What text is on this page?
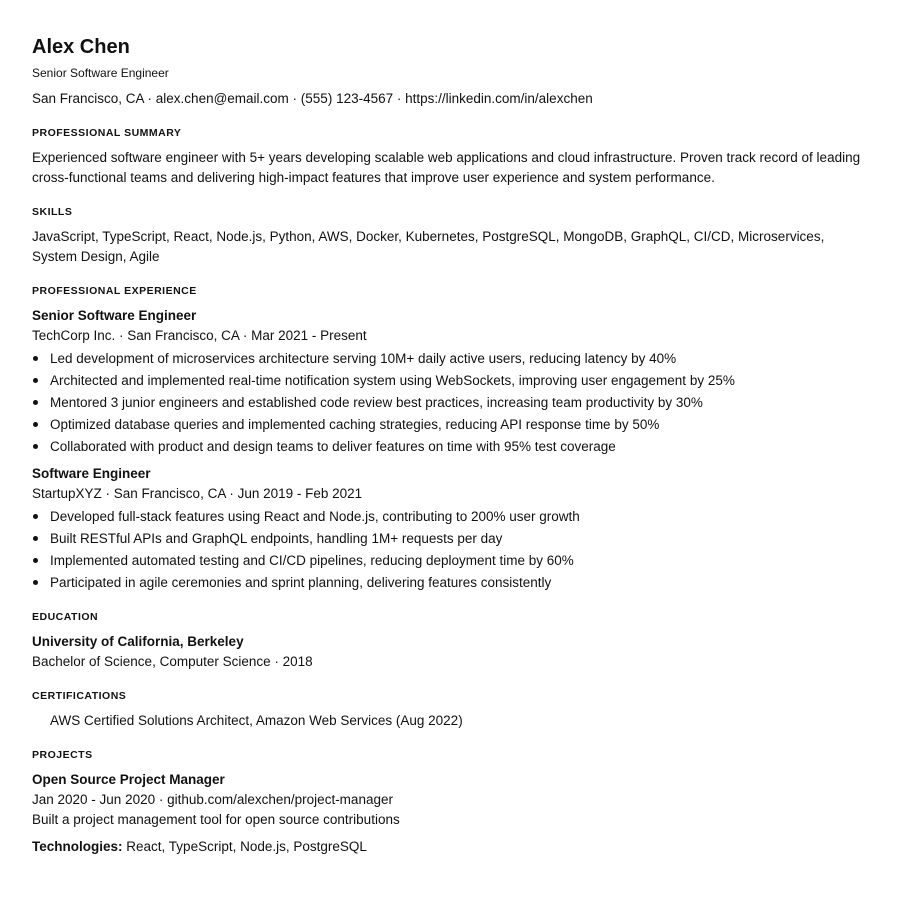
Alex Chen
Senior Software Engineer
San Francisco, CA · alex.chen@email.com · (555) 123-4567 · https://linkedin.com/in/alexchen
PROFESSIONAL SUMMARY

Experienced software engineer with 5+ years developing scalable web applications and cloud infrastructure. Proven track record of leading cross-functional teams and delivering high-impact features that improve user experience and system performance.

SKILLS

JavaScript, TypeScript, React, Node.js, Python, AWS, Docker, Kubernetes, PostgreSQL, MongoDB, GraphQL, CI/CD, Microservices, System Design, Agile

PROFESSIONAL EXPERIENCE
Senior Software Engineer
TechCorp Inc. · San Francisco, CA · Mar 2021 - Present
Led development of microservices architecture serving 10M+ daily active users, reducing latency by 40%
Architected and implemented real-time notification system using WebSockets, improving user engagement by 25%
Mentored 3 junior engineers and established code review best practices, increasing team productivity by 30%
Optimized database queries and implemented caching strategies, reducing API response time by 50%
Collaborated with product and design teams to deliver features on time with 95% test coverage
Software Engineer
StartupXYZ · San Francisco, CA · Jun 2019 - Feb 2021
Developed full-stack features using React and Node.js, contributing to 200% user growth
Built RESTful APIs and GraphQL endpoints, handling 1M+ requests per day
Implemented automated testing and CI/CD pipelines, reducing deployment time by 60%
Participated in agile ceremonies and sprint planning, delivering features consistently
EDUCATION
University of California, Berkeley
Bachelor of Science, Computer Science · 2018
CERTIFICATIONS
AWS Certified Solutions Architect, Amazon Web Services (Aug 2022)
PROJECTS
Open Source Project Manager
Jan 2020 - Jun 2020 · github.com/alexchen/project-manager
Built a project management tool for open source contributions
Technologies: React, TypeScript, Node.js, PostgreSQL
